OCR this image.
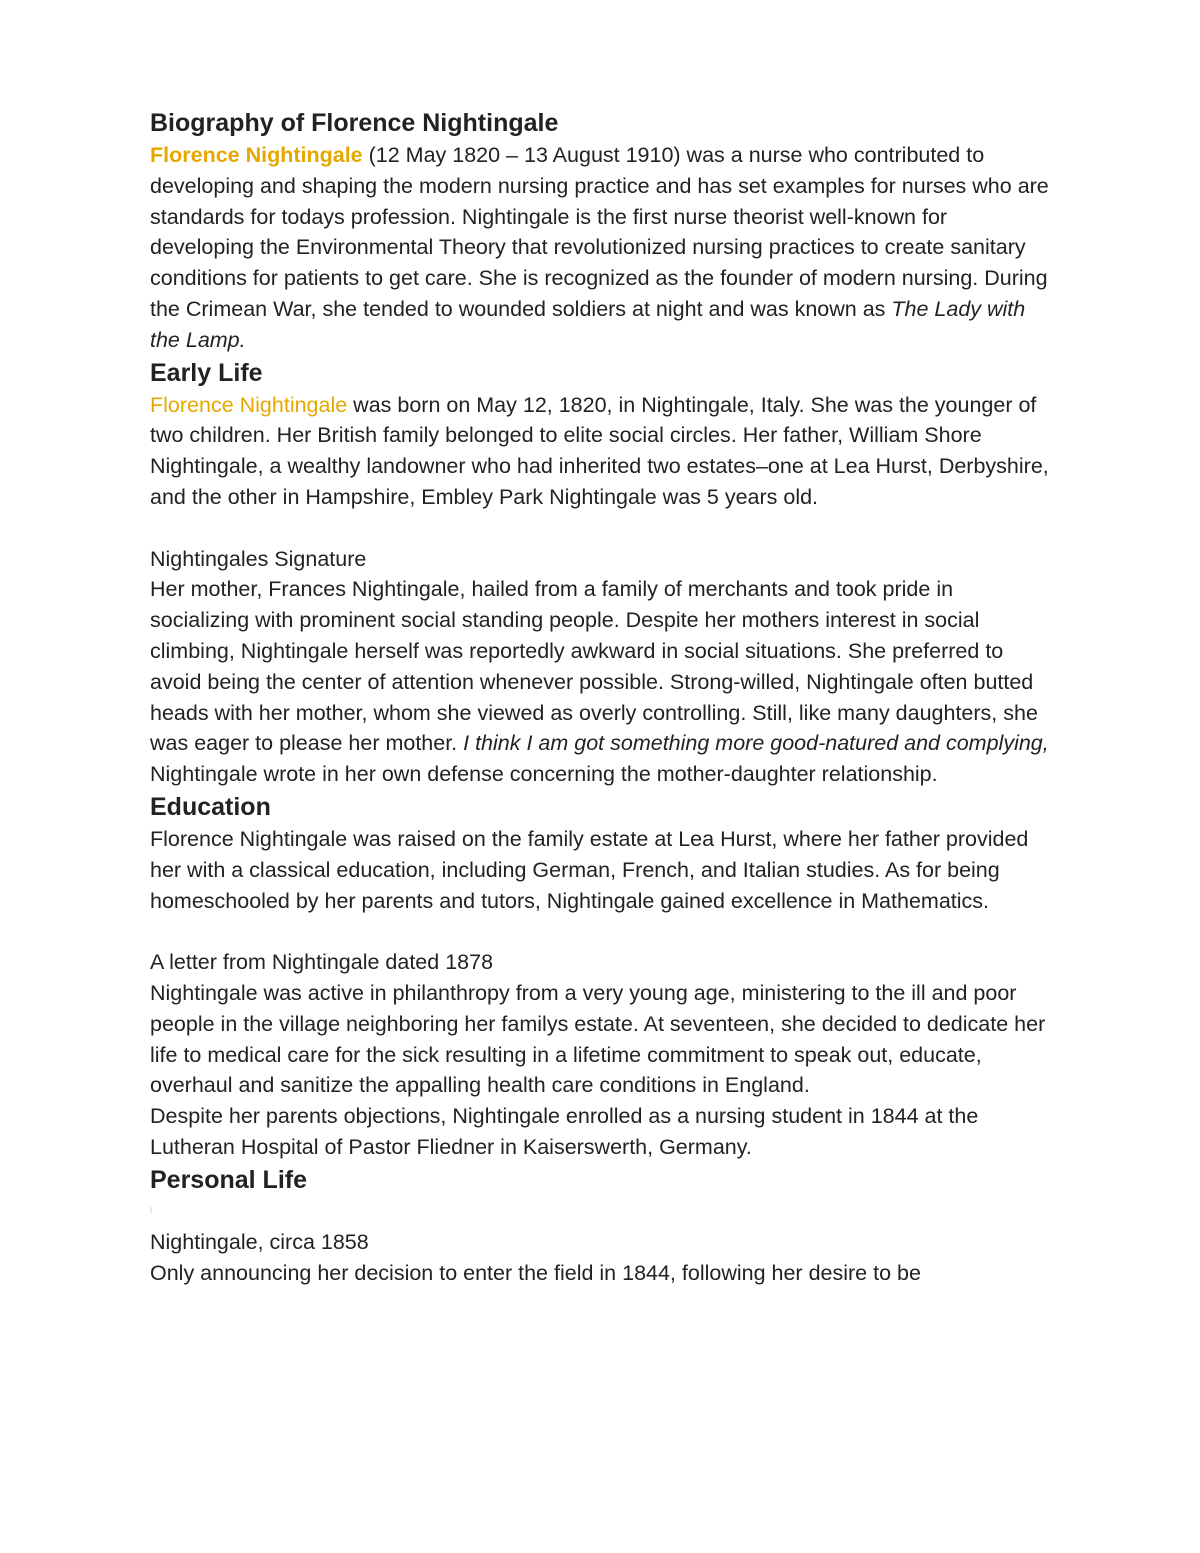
Biography of Florence Nightingale

Florence Nightingale (12 May 1820 – 13 August 1910) was a nurse who contributed to developing and shaping the modern nursing practice and has set examples for nurses who are standards for todays profession. Nightingale is the first nurse theorist well-known for developing the Environmental Theory that revolutionized nursing practices to create sanitary conditions for patients to get care. She is recognized as the founder of modern nursing. During the Crimean War, she tended to wounded soldiers at night and was known as The Lady with the Lamp.

Early Life

Florence Nightingale was born on May 12, 1820, in Nightingale, Italy. She was the younger of two children. Her British family belonged to elite social circles. Her father, William Shore Nightingale, a wealthy landowner who had inherited two estates–one at Lea Hurst, Derbyshire, and the other in Hampshire, Embley Park Nightingale was 5 years old.

Nightingales Signature

Her mother, Frances Nightingale, hailed from a family of merchants and took pride in socializing with prominent social standing people. Despite her mothers interest in social climbing, Nightingale herself was reportedly awkward in social situations. She preferred to avoid being the center of attention whenever possible. Strong-willed, Nightingale often butted heads with her mother, whom she viewed as overly controlling. Still, like many daughters, she was eager to please her mother. I think I am got something more good-natured and complying, Nightingale wrote in her own defense concerning the mother-daughter relationship.

Education

Florence Nightingale was raised on the family estate at Lea Hurst, where her father provided her with a classical education, including German, French, and Italian studies. As for being homeschooled by her parents and tutors, Nightingale gained excellence in Mathematics.

A letter from Nightingale dated 1878

Nightingale was active in philanthropy from a very young age, ministering to the ill and poor people in the village neighboring her familys estate. At seventeen, she decided to dedicate her life to medical care for the sick resulting in a lifetime commitment to speak out, educate, overhaul and sanitize the appalling health care conditions in England.

Despite her parents objections, Nightingale enrolled as a nursing student in 1844 at the Lutheran Hospital of Pastor Fliedner in Kaiserswerth, Germany.

Personal Life

Nightingale, circa 1858

Only announcing her decision to enter the field in 1844, following her desire to be
